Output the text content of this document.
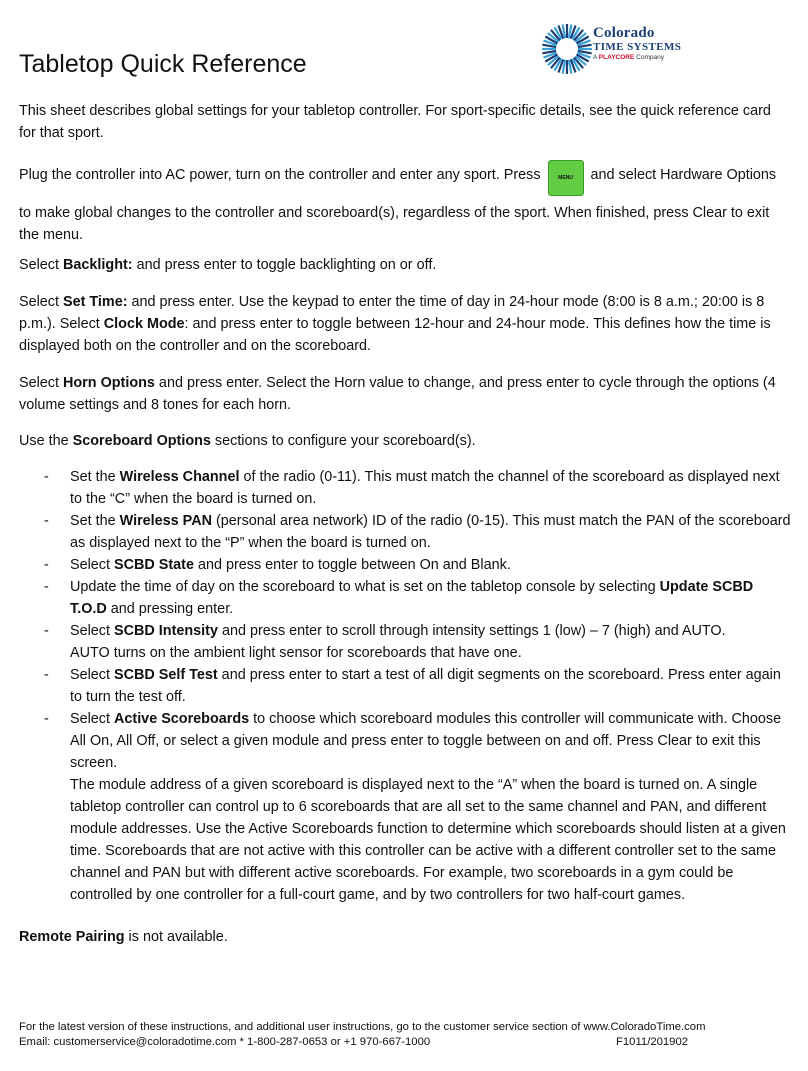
Colorado
TIME SYSTEMS
A PLAYCORE Company
Tabletop Quick Reference
This sheet describes global settings for your tabletop controller. For sport-specific details, see the quick reference card for that sport.
Plug the controller into AC power, turn on the controller and enter any sport. Press	MENU and select Hardware Options to make global changes to the controller and scoreboard(s), regardless of the sport. When finished, press Clear to exit the menu.
Select Backlight: and press enter to toggle backlighting on or off.
Select Set Time: and press enter. Use the keypad to enter the time of day in 24-hour mode (8:00 is 8 a.m.; 20:00 is 8 p.m.). Select Clock Mode: and press enter to toggle between 12-hour and 24-hour mode. This defines how the time is displayed both on the controller and on the scoreboard.
Select Horn Options and press enter. Select the Horn value to change, and press enter to cycle through the options (4 volume settings and 8 tones for each horn.
Use the Scoreboard Options sections to configure your scoreboard(s).
- Set the Wireless Channel of the radio (0-11). This must match the channel of the scoreboard as displayed next to the “C” when the board is turned on.
- Set the Wireless PAN (personal area network) ID of the radio (0-15). This must match the PAN of the scoreboard as displayed next to the “P” when the board is turned on.
- Select SCBD State and press enter to toggle between On and Blank.
- Update the time of day on the scoreboard to what is set on the tabletop console by selecting Update SCBD T.O.D and pressing enter.
- Select SCBD Intensity and press enter to scroll through intensity settings 1 (low) – 7 (high) and AUTO.
AUTO turns on the ambient light sensor for scoreboards that have one.
- Select SCBD Self Test and press enter to start a test of all digit segments on the scoreboard. Press enter again to turn the test off.
- Select Active Scoreboards to choose which scoreboard modules this controller will communicate with. Choose All On, All Off, or select a given module and press enter to toggle between on and off. Press Clear to exit this screen.
The module address of a given scoreboard is displayed next to the “A” when the board is turned on. A single tabletop controller can control up to 6 scoreboards that are all set to the same channel and PAN, and different module addresses. Use the Active Scoreboards function to determine which scoreboards should listen at a given time. Scoreboards that are not active with this controller can be active with a different controller set to the same channel and PAN but with different active scoreboards. For example, two scoreboards in a gym could be controlled by one controller for a full-court game, and by two controllers for two half-court games.
Remote Pairing is not available.
For the latest version of these instructions, and additional user instructions, go to the customer service section of www.ColoradoTime.com
Email: customerservice@coloradotime.com * 1-800-287-0653 or +1 970-667-1000	F1011/201902
